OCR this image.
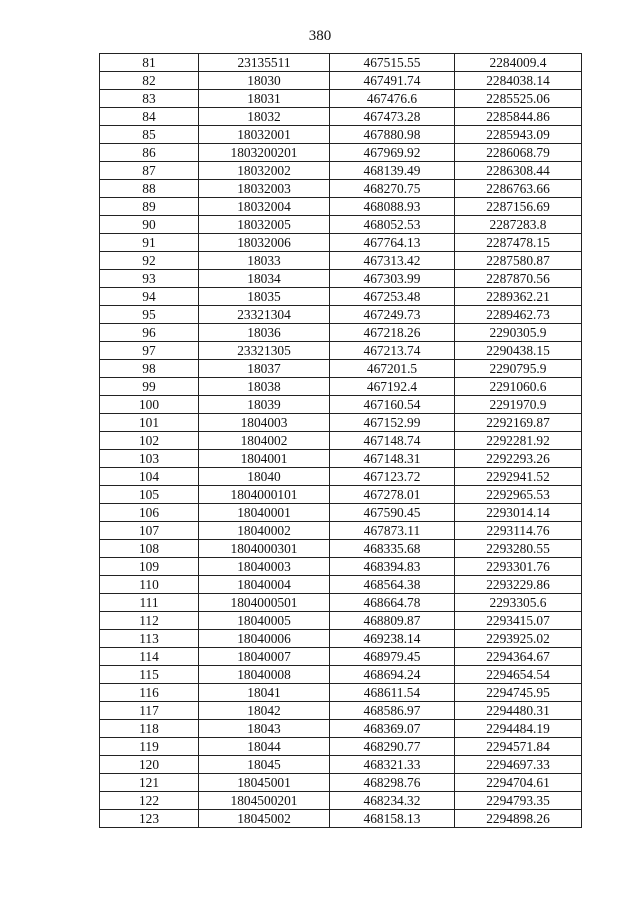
380
81	23135511	467515.55	2284009.4
82	18030	467491.74	2284038.14
83	18031	467476.6	2285525.06
84	18032	467473.28	2285844.86
85	18032001	467880.98	2285943.09
86	1803200201	467969.92	2286068.79
87	18032002	468139.49	2286308.44
88	18032003	468270.75	2286763.66
89	18032004	468088.93	2287156.69
90	18032005	468052.53	2287283.8
91	18032006	467764.13	2287478.15
92	18033	467313.42	2287580.87
93	18034	467303.99	2287870.56
94	18035	467253.48	2289362.21
95	23321304	467249.73	2289462.73
96	18036	467218.26	2290305.9
97	23321305	467213.74	2290438.15
98	18037	467201.5	2290795.9
99	18038	467192.4	2291060.6
100	18039	467160.54	2291970.9
101	1804003	467152.99	2292169.87
102	1804002	467148.74	2292281.92
103	1804001	467148.31	2292293.26
104	18040	467123.72	2292941.52
105	1804000101	467278.01	2292965.53
106	18040001	467590.45	2293014.14
107	18040002	467873.11	2293114.76
108	1804000301	468335.68	2293280.55
109	18040003	468394.83	2293301.76
110	18040004	468564.38	2293229.86
111	1804000501	468664.78	2293305.6
112	18040005	468809.87	2293415.07
113	18040006	469238.14	2293925.02
114	18040007	468979.45	2294364.67
115	18040008	468694.24	2294654.54
116	18041	468611.54	2294745.95
117	18042	468586.97	2294480.31
118	18043	468369.07	2294484.19
119	18044	468290.77	2294571.84
120	18045	468321.33	2294697.33
121	18045001	468298.76	2294704.61
122	1804500201	468234.32	2294793.35
123	18045002	468158.13	2294898.26
